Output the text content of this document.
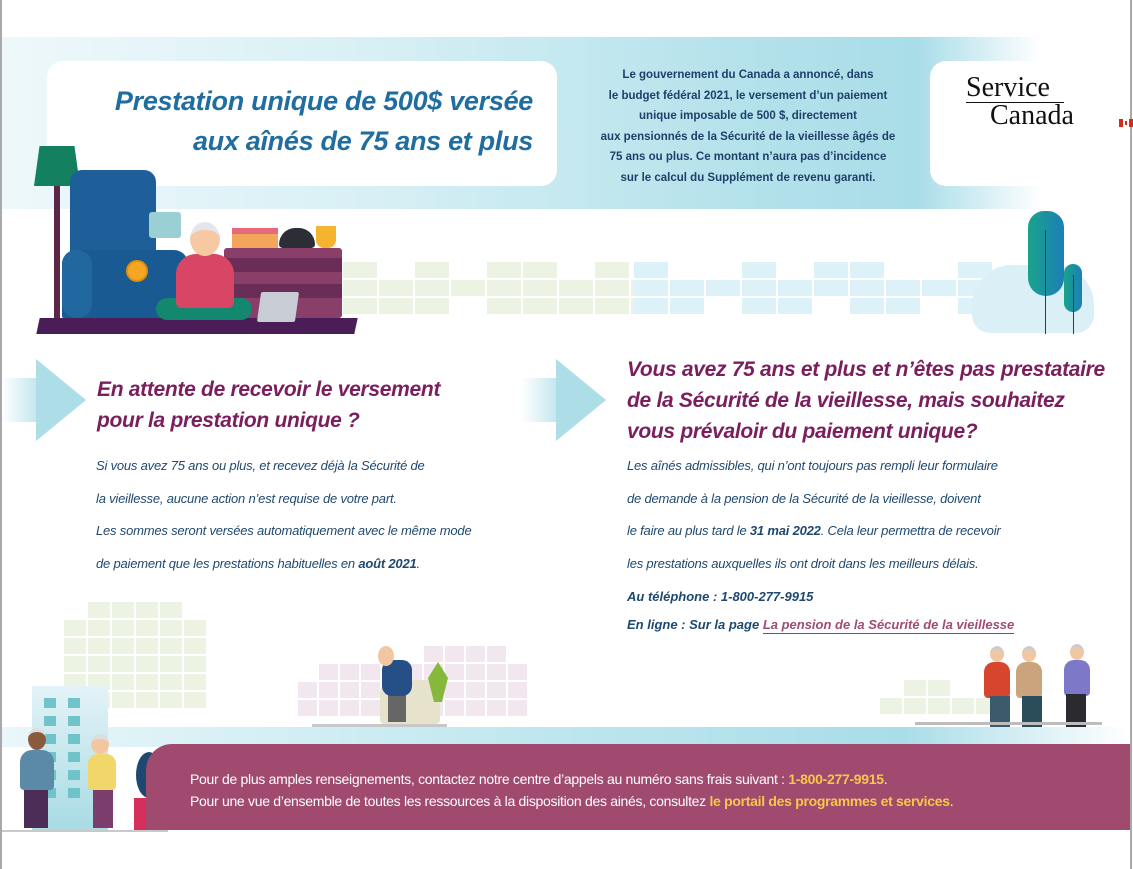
Prestation unique de 500$ versée
aux aînés de 75 ans et plus
Le gouvernement du Canada a annoncé, dans
le budget fédéral 2021, le versement d’un paiement
unique imposable de 500 $, directement
aux pensionnés de la Sécurité de la vieillesse âgés de
75 ans ou plus. Ce montant n’aura pas d’incidence
sur le calcul du Supplément de revenu garanti.
Service
Canada
En attente de recevoir le versement
pour la prestation unique ?
Si vous avez 75 ans ou plus, et recevez déjà la Sécurité de
la vieillesse, aucune action n’est requise de votre part.
Les sommes seront versées automatiquement avec le même mode
de paiement que les prestations habituelles en août 2021.
Vous avez 75 ans et plus et n’êtes pas prestataire
de la Sécurité de la vieillesse, mais souhaitez
vous prévaloir du paiement unique?
Les aînés admissibles, qui n’ont toujours pas rempli leur formulaire
de demande à la pension de la Sécurité de la vieillesse, doivent
le faire au plus tard le 31 mai 2022. Cela leur permettra de recevoir
les prestations auxquelles ils ont droit dans les meilleurs délais.
Au téléphone : 1-800-277-9915
En ligne : Sur la page La pension de la Sécurité de la vieillesse
Pour de plus amples renseignements, contactez notre centre d’appels au numéro sans frais suivant : 1-800-277-9915.
Pour une vue d’ensemble de toutes les ressources à la disposition des ainés, consultez le portail des programmes et services.
